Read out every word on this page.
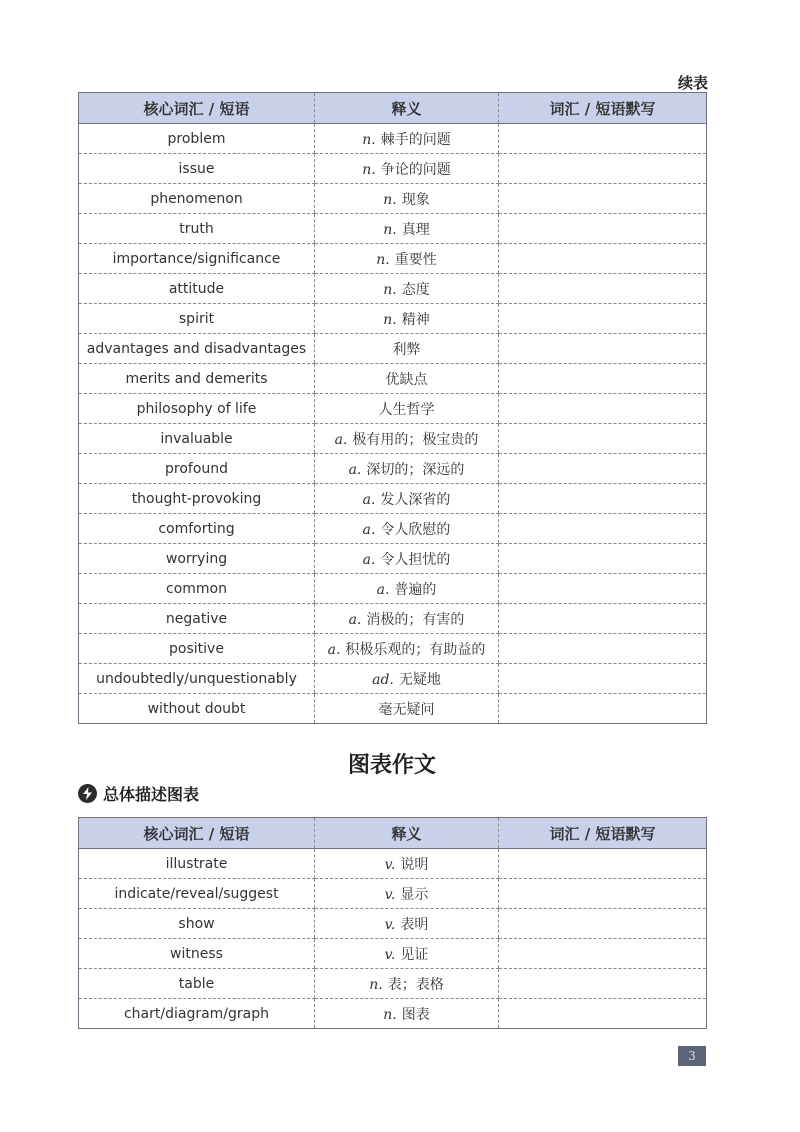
续表
核心词汇 / 短语	释义	词汇 / 短语默写
problem	n. 棘手的问题	
issue	n. 争论的问题	
phenomenon	n. 现象	
truth	n. 真理	
importance/significance	n. 重要性	
attitude	n. 态度	
spirit	n. 精神	
advantages and disadvantages	利弊	
merits and demerits	优缺点	
philosophy of life	人生哲学	
invaluable	a. 极有用的；极宝贵的	
profound	a. 深切的；深远的	
thought-provoking	a. 发人深省的	
comforting	a. 令人欣慰的	
worrying	a. 令人担忧的	
common	a. 普遍的	
negative	a. 消极的；有害的	
positive	a. 积极乐观的；有助益的	
undoubtedly/unquestionably	ad. 无疑地	
without doubt	毫无疑问	
图表作文
总体描述图表
核心词汇 / 短语	释义	词汇 / 短语默写
illustrate	v. 说明	
indicate/reveal/suggest	v. 显示	
show	v. 表明	
witness	v. 见证	
table	n. 表；表格	
chart/diagram/graph	n. 图表	
3
